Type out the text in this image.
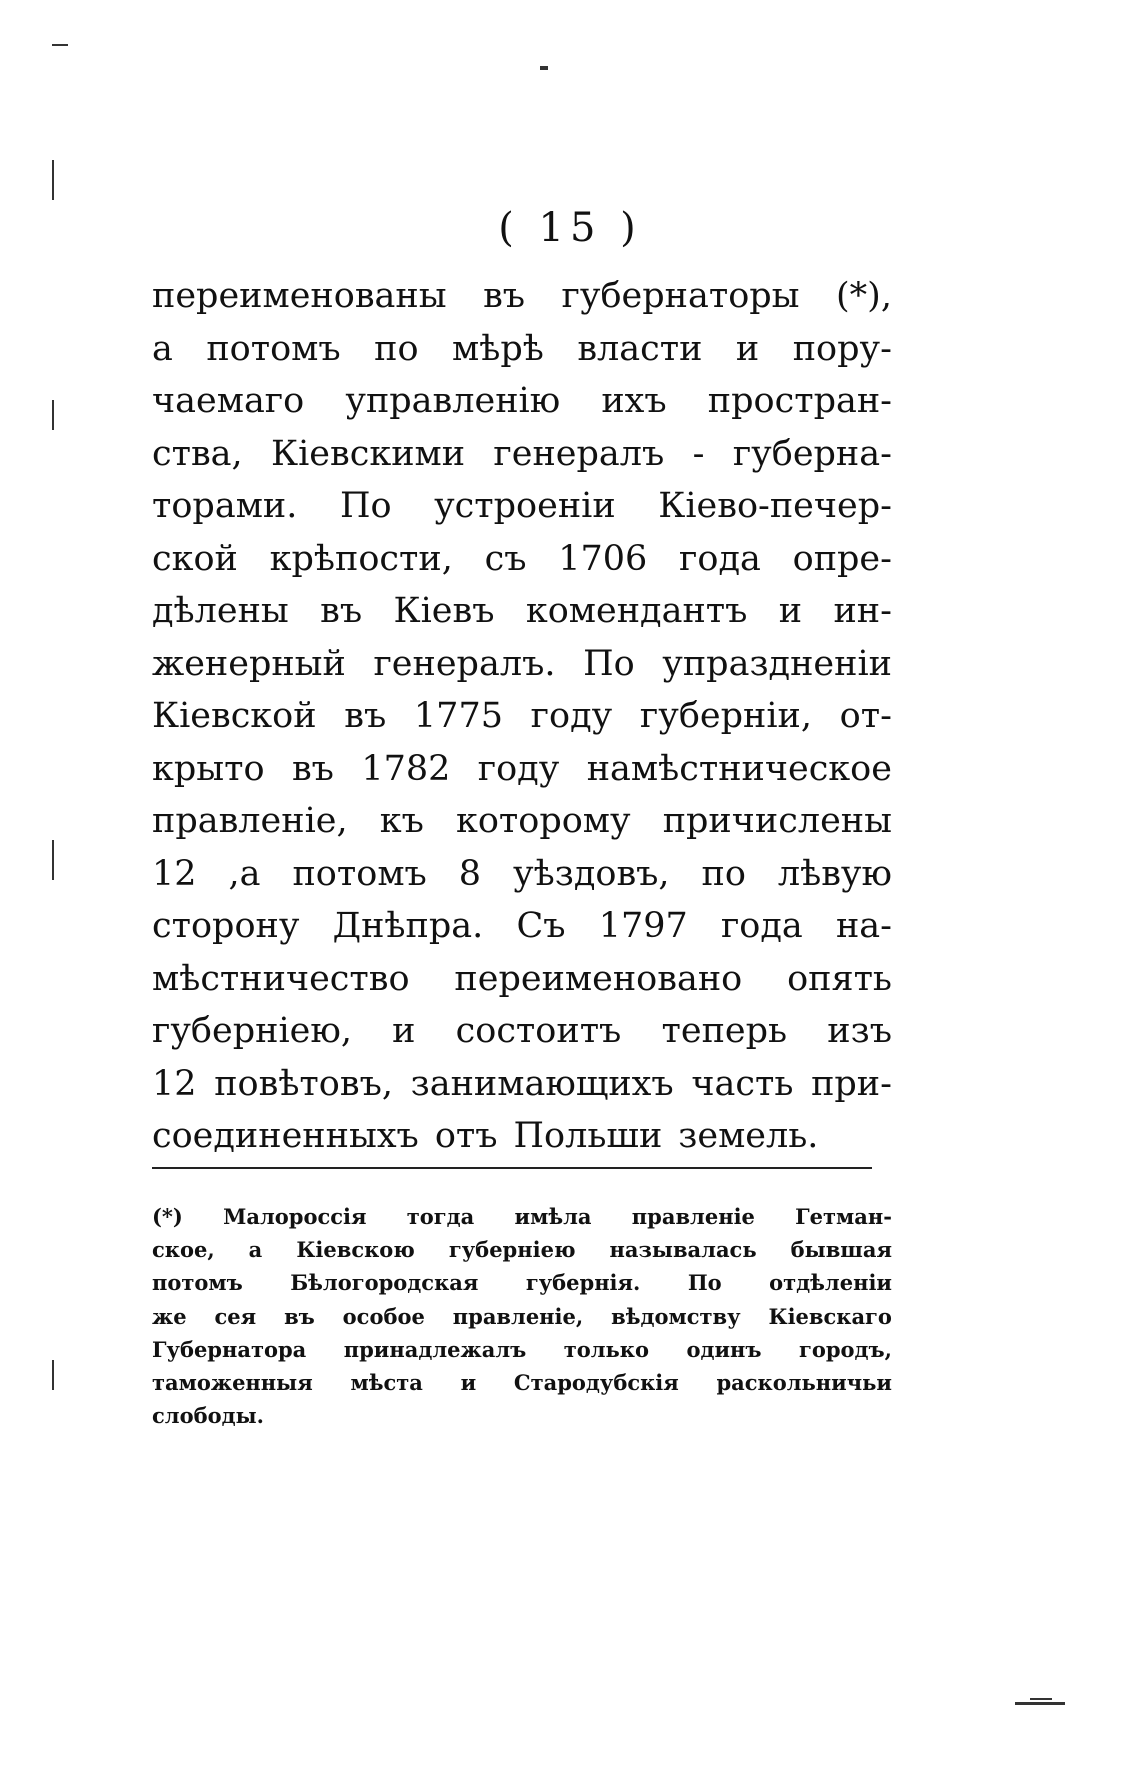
( 15 )
переименованы въ губернаторы (*),
а потомъ по мѣрѣ власти и пору-
чаемаго управленію ихъ простран-
ства, Кіевскими генералъ - губерна-
торами. По устроеніи Кіево-печер-
ской крѣпости, съ 1706 года опре-
дѣлены въ Кіевъ комендантъ и ин-
женерный генералъ. По упраздненіи
Кіевской въ 1775 году губерніи, от-
крыто въ 1782 году намѣстническое
правленіе, къ которому причислены
12 ,а потомъ 8 уѣздовъ, по лѣвую
сторону Днѣпра. Съ 1797 года на-
мѣстничество переименовано опять
губерніею, и состоитъ теперь изъ
12 повѣтовъ, занимающихъ часть при-
соединенныхъ отъ Польши земель.
(*) Малороссія тогда имѣла правленіе Гетман-
ское, а Кіевскою губерніею называлась бывшая
потомъ Бѣлогородская губернія. По отдѣленіи
же сея въ особое правленіе, вѣдомству Кіевскаго
Губернатора принадлежалъ только одинъ городъ,
таможенныя мѣста и Стародубскія раскольничьи
слободы.
